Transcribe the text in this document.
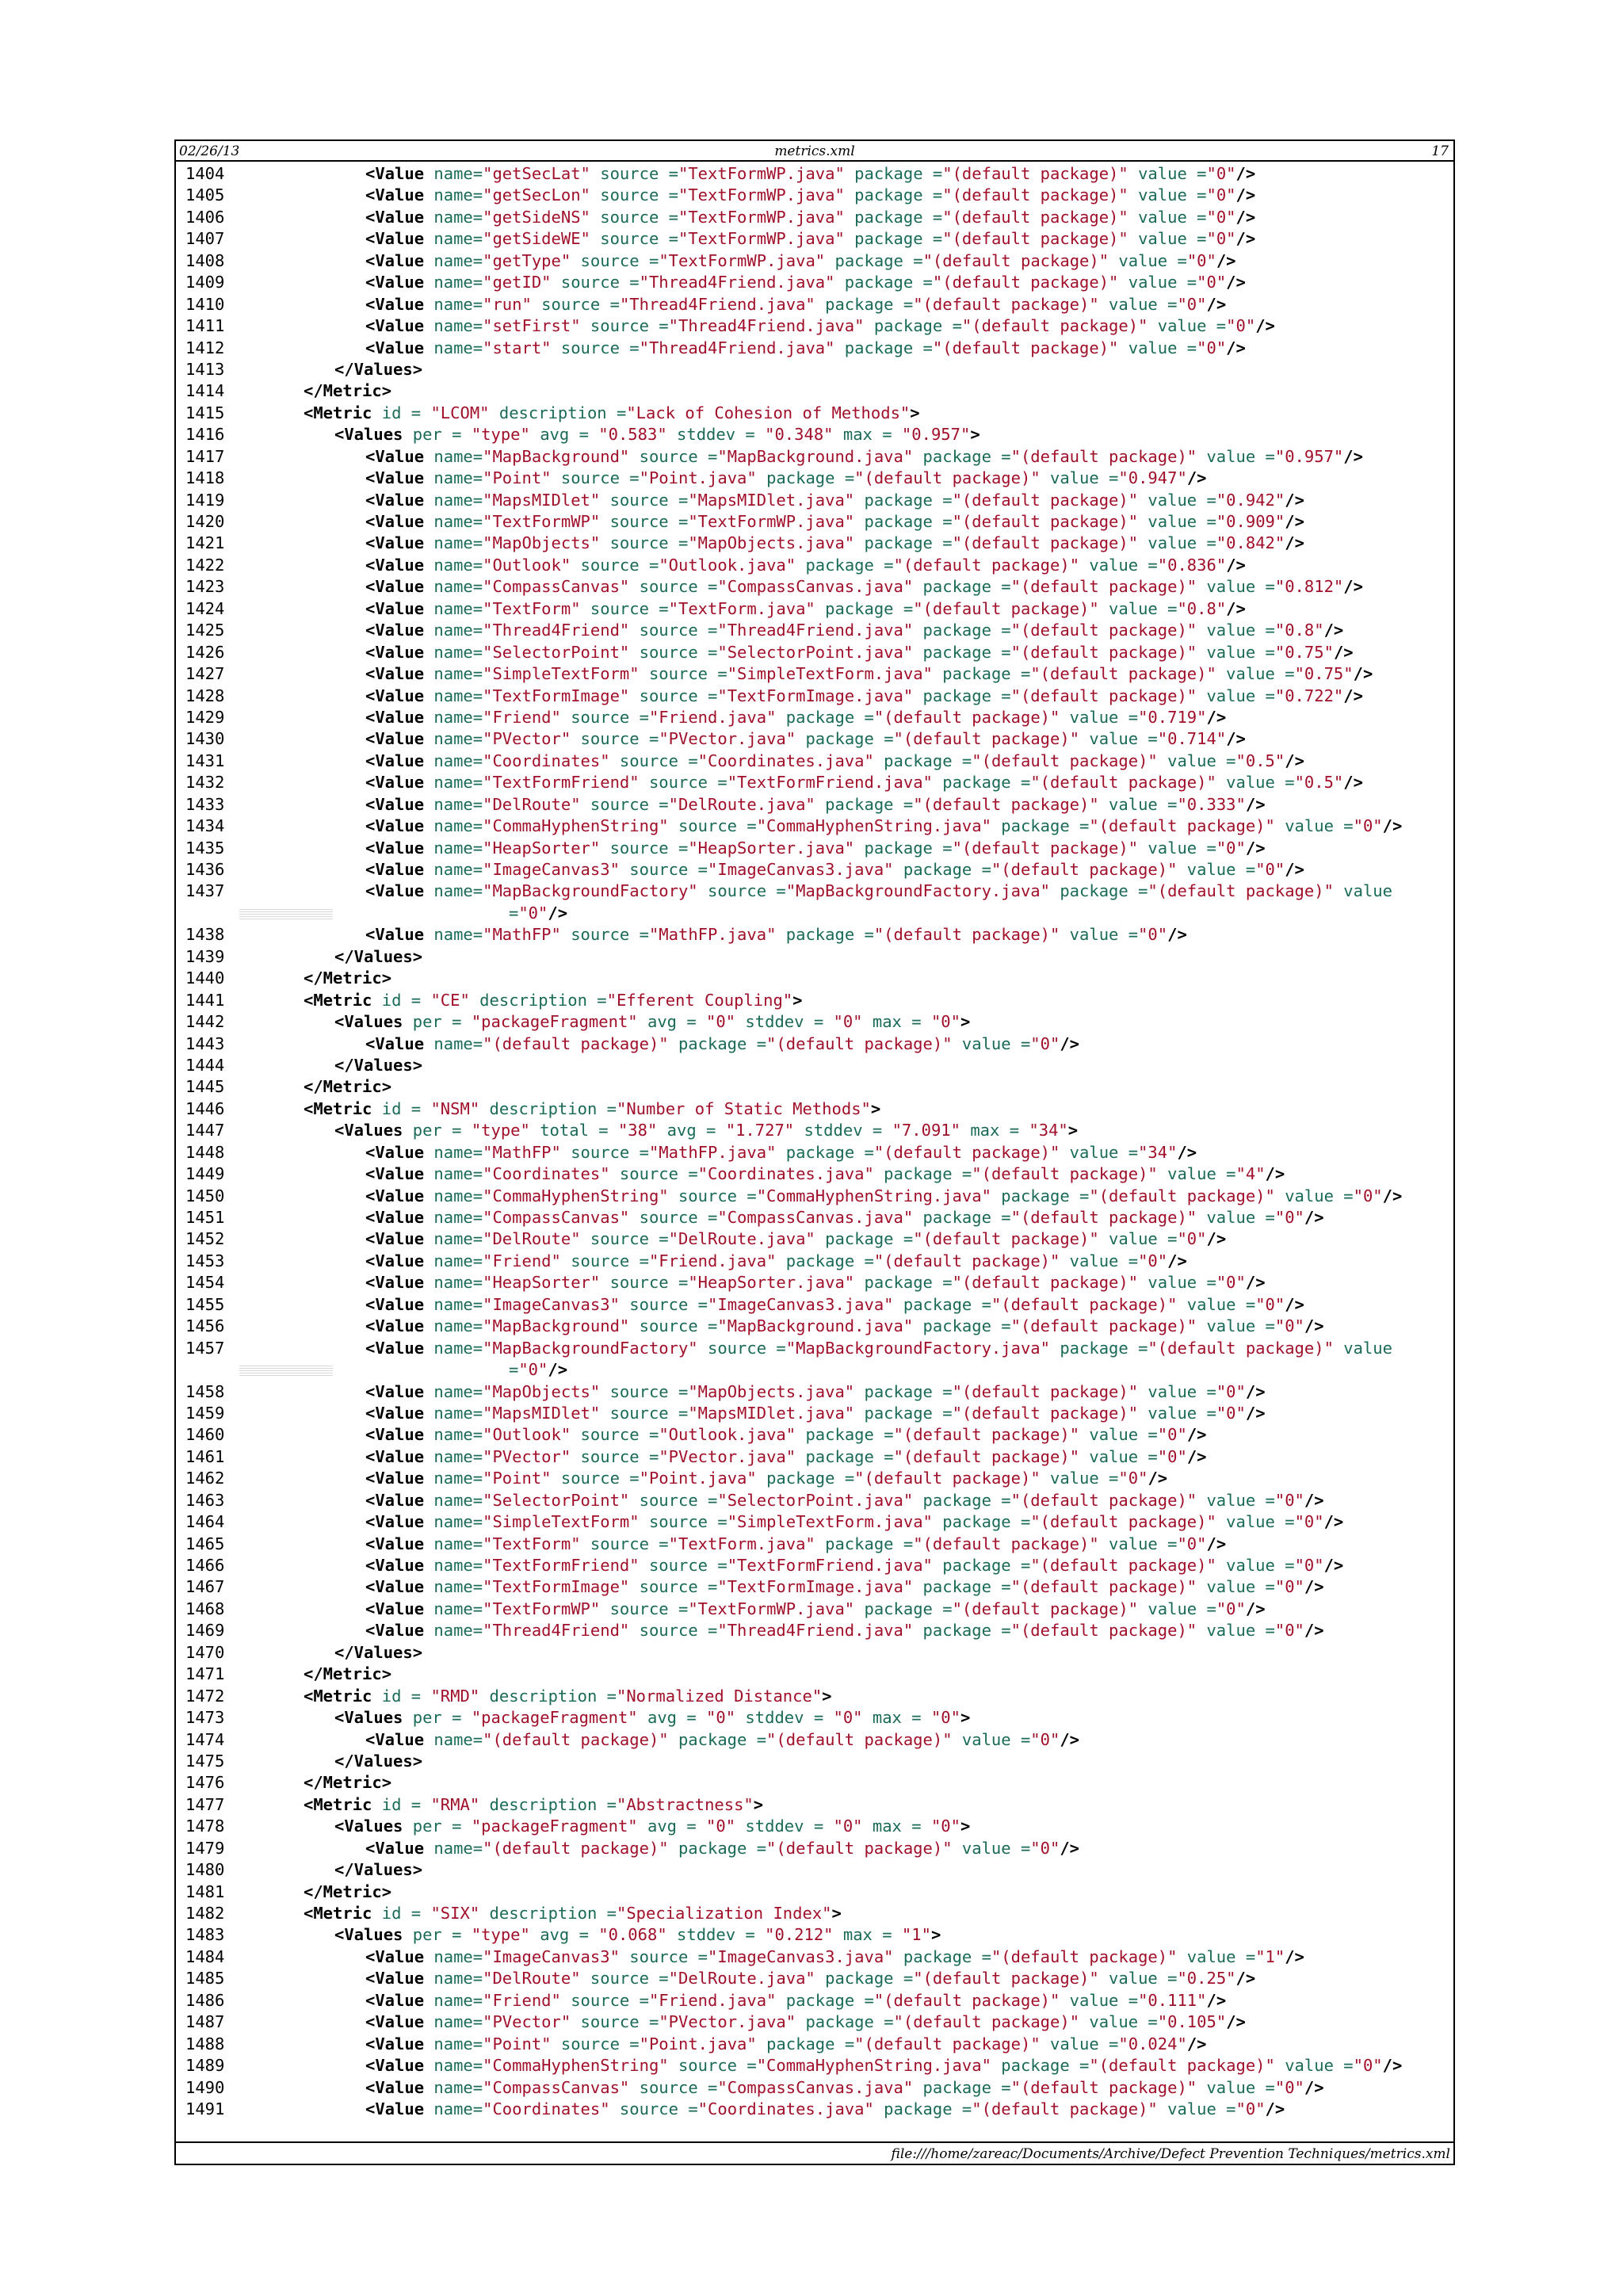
02/26/13	metrics.xml	17
1404	<Value name="getSecLat" source ="TextFormWP.java" package ="(default package)" value ="0"/>
1405	<Value name="getSecLon" source ="TextFormWP.java" package ="(default package)" value ="0"/>
1406	<Value name="getSideNS" source ="TextFormWP.java" package ="(default package)" value ="0"/>
1407	<Value name="getSideWE" source ="TextFormWP.java" package ="(default package)" value ="0"/>
1408	<Value name="getType" source ="TextFormWP.java" package ="(default package)" value ="0"/>
1409	<Value name="getID" source ="Thread4Friend.java" package ="(default package)" value ="0"/>
1410	<Value name="run" source ="Thread4Friend.java" package ="(default package)" value ="0"/>
1411	<Value name="setFirst" source ="Thread4Friend.java" package ="(default package)" value ="0"/>
1412	<Value name="start" source ="Thread4Friend.java" package ="(default package)" value ="0"/>
1413	</Values>
1414	</Metric>
1415	<Metric id = "LCOM" description ="Lack of Cohesion of Methods">
1416	<Values per = "type" avg = "0.583" stddev = "0.348" max = "0.957">
1417	<Value name="MapBackground" source ="MapBackground.java" package ="(default package)" value ="0.957"/>
1418	<Value name="Point" source ="Point.java" package ="(default package)" value ="0.947"/>
1419	<Value name="MapsMIDlet" source ="MapsMIDlet.java" package ="(default package)" value ="0.942"/>
1420	<Value name="TextFormWP" source ="TextFormWP.java" package ="(default package)" value ="0.909"/>
1421	<Value name="MapObjects" source ="MapObjects.java" package ="(default package)" value ="0.842"/>
1422	<Value name="Outlook" source ="Outlook.java" package ="(default package)" value ="0.836"/>
1423	<Value name="CompassCanvas" source ="CompassCanvas.java" package ="(default package)" value ="0.812"/>
1424	<Value name="TextForm" source ="TextForm.java" package ="(default package)" value ="0.8"/>
1425	<Value name="Thread4Friend" source ="Thread4Friend.java" package ="(default package)" value ="0.8"/>
1426	<Value name="SelectorPoint" source ="SelectorPoint.java" package ="(default package)" value ="0.75"/>
1427	<Value name="SimpleTextForm" source ="SimpleTextForm.java" package ="(default package)" value ="0.75"/>
1428	<Value name="TextFormImage" source ="TextFormImage.java" package ="(default package)" value ="0.722"/>
1429	<Value name="Friend" source ="Friend.java" package ="(default package)" value ="0.719"/>
1430	<Value name="PVector" source ="PVector.java" package ="(default package)" value ="0.714"/>
1431	<Value name="Coordinates" source ="Coordinates.java" package ="(default package)" value ="0.5"/>
1432	<Value name="TextFormFriend" source ="TextFormFriend.java" package ="(default package)" value ="0.5"/>
1433	<Value name="DelRoute" source ="DelRoute.java" package ="(default package)" value ="0.333"/>
1434	<Value name="CommaHyphenString" source ="CommaHyphenString.java" package ="(default package)" value ="0"/>
1435	<Value name="HeapSorter" source ="HeapSorter.java" package ="(default package)" value ="0"/>
1436	<Value name="ImageCanvas3" source ="ImageCanvas3.java" package ="(default package)" value ="0"/>
1437	<Value name="MapBackgroundFactory" source ="MapBackgroundFactory.java" package ="(default package)" value
="0"/>
1438	<Value name="MathFP" source ="MathFP.java" package ="(default package)" value ="0"/>
1439	</Values>
1440	</Metric>
1441	<Metric id = "CE" description ="Efferent Coupling">
1442	<Values per = "packageFragment" avg = "0" stddev = "0" max = "0">
1443	<Value name="(default package)" package ="(default package)" value ="0"/>
1444	</Values>
1445	</Metric>
1446	<Metric id = "NSM" description ="Number of Static Methods">
1447	<Values per = "type" total = "38" avg = "1.727" stddev = "7.091" max = "34">
1448	<Value name="MathFP" source ="MathFP.java" package ="(default package)" value ="34"/>
1449	<Value name="Coordinates" source ="Coordinates.java" package ="(default package)" value ="4"/>
1450	<Value name="CommaHyphenString" source ="CommaHyphenString.java" package ="(default package)" value ="0"/>
1451	<Value name="CompassCanvas" source ="CompassCanvas.java" package ="(default package)" value ="0"/>
1452	<Value name="DelRoute" source ="DelRoute.java" package ="(default package)" value ="0"/>
1453	<Value name="Friend" source ="Friend.java" package ="(default package)" value ="0"/>
1454	<Value name="HeapSorter" source ="HeapSorter.java" package ="(default package)" value ="0"/>
1455	<Value name="ImageCanvas3" source ="ImageCanvas3.java" package ="(default package)" value ="0"/>
1456	<Value name="MapBackground" source ="MapBackground.java" package ="(default package)" value ="0"/>
1457	<Value name="MapBackgroundFactory" source ="MapBackgroundFactory.java" package ="(default package)" value
="0"/>
1458	<Value name="MapObjects" source ="MapObjects.java" package ="(default package)" value ="0"/>
1459	<Value name="MapsMIDlet" source ="MapsMIDlet.java" package ="(default package)" value ="0"/>
1460	<Value name="Outlook" source ="Outlook.java" package ="(default package)" value ="0"/>
1461	<Value name="PVector" source ="PVector.java" package ="(default package)" value ="0"/>
1462	<Value name="Point" source ="Point.java" package ="(default package)" value ="0"/>
1463	<Value name="SelectorPoint" source ="SelectorPoint.java" package ="(default package)" value ="0"/>
1464	<Value name="SimpleTextForm" source ="SimpleTextForm.java" package ="(default package)" value ="0"/>
1465	<Value name="TextForm" source ="TextForm.java" package ="(default package)" value ="0"/>
1466	<Value name="TextFormFriend" source ="TextFormFriend.java" package ="(default package)" value ="0"/>
1467	<Value name="TextFormImage" source ="TextFormImage.java" package ="(default package)" value ="0"/>
1468	<Value name="TextFormWP" source ="TextFormWP.java" package ="(default package)" value ="0"/>
1469	<Value name="Thread4Friend" source ="Thread4Friend.java" package ="(default package)" value ="0"/>
1470	</Values>
1471	</Metric>
1472	<Metric id = "RMD" description ="Normalized Distance">
1473	<Values per = "packageFragment" avg = "0" stddev = "0" max = "0">
1474	<Value name="(default package)" package ="(default package)" value ="0"/>
1475	</Values>
1476	</Metric>
1477	<Metric id = "RMA" description ="Abstractness">
1478	<Values per = "packageFragment" avg = "0" stddev = "0" max = "0">
1479	<Value name="(default package)" package ="(default package)" value ="0"/>
1480	</Values>
1481	</Metric>
1482	<Metric id = "SIX" description ="Specialization Index">
1483	<Values per = "type" avg = "0.068" stddev = "0.212" max = "1">
1484	<Value name="ImageCanvas3" source ="ImageCanvas3.java" package ="(default package)" value ="1"/>
1485	<Value name="DelRoute" source ="DelRoute.java" package ="(default package)" value ="0.25"/>
1486	<Value name="Friend" source ="Friend.java" package ="(default package)" value ="0.111"/>
1487	<Value name="PVector" source ="PVector.java" package ="(default package)" value ="0.105"/>
1488	<Value name="Point" source ="Point.java" package ="(default package)" value ="0.024"/>
1489	<Value name="CommaHyphenString" source ="CommaHyphenString.java" package ="(default package)" value ="0"/>
1490	<Value name="CompassCanvas" source ="CompassCanvas.java" package ="(default package)" value ="0"/>
1491	<Value name="Coordinates" source ="Coordinates.java" package ="(default package)" value ="0"/>
file:///home/zareac/Documents/Archive/Defect Prevention Techniques/metrics.xml
